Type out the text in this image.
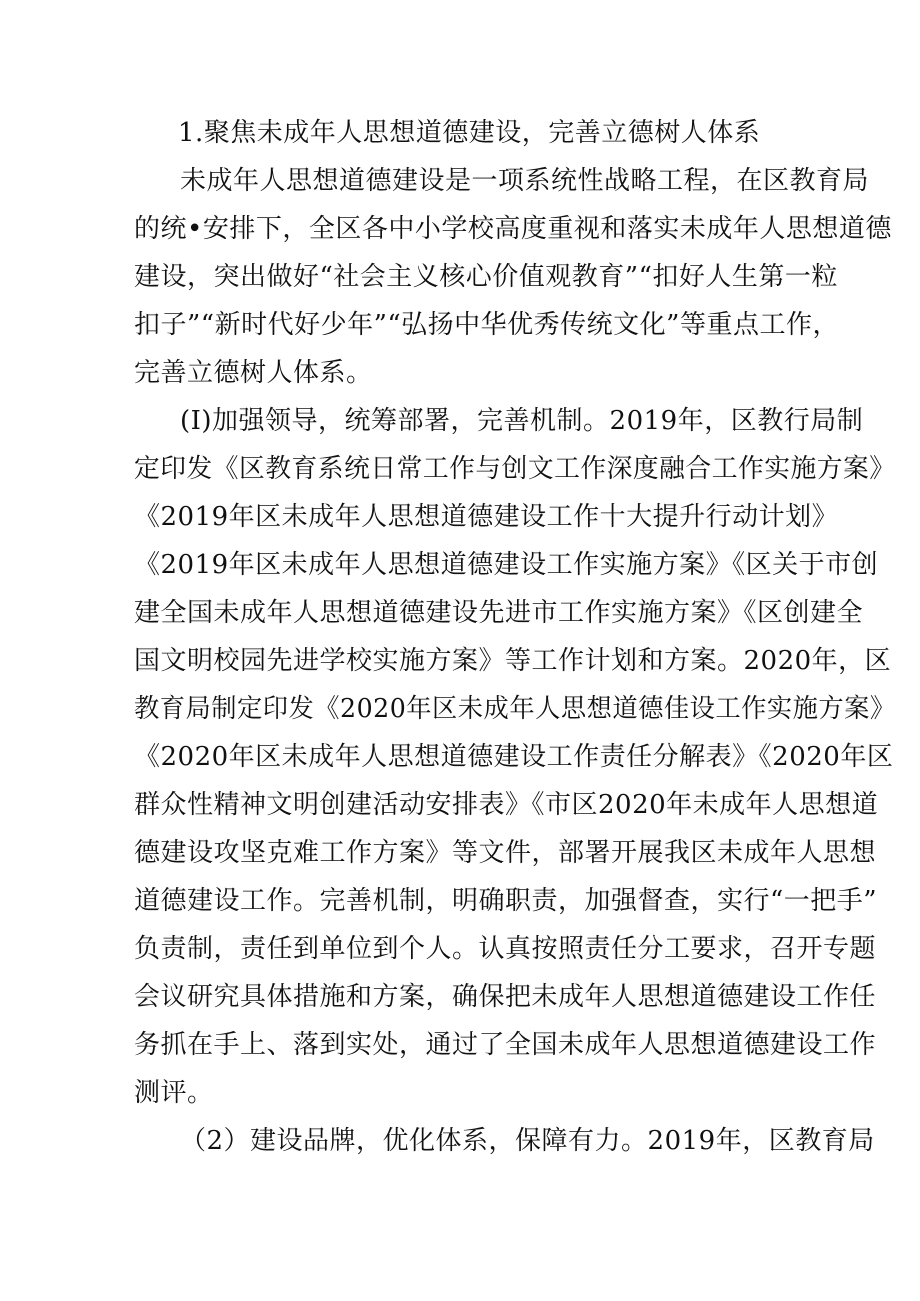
1.聚焦未成年人思想道德建设，完善立德树人体系
未成年人思想道德建设是一项系统性战略工程，在区教育局
的统•安排下，全区各中小学校高度重视和落实未成年人思想道德
建设，突出做好“社会主义核心价值观教育”“扣好人生第一粒
扣子”“新时代好少年”“弘扬中华优秀传统文化”等重点工作，
完善立德树人体系。
(I)加强领导，统筹部署，完善机制。2019年，区教行局制
定印发《区教育系统日常工作与创文工作深度融合工作实施方案》
《2019年区未成年人思想道德建设工作十大提升行动计划》
《2019年区未成年人思想道德建设工作实施方案》《区关于市创
建全国未成年人思想道德建设先进市工作实施方案》《区创建全
国文明校园先进学校实施方案》等工作计划和方案。2020年，区
教育局制定印发《2020年区未成年人思想道德佳设工作实施方案》
《2020年区未成年人思想道德建设工作责任分解表》《2020年区
群众性精神文明创建活动安排表》《市区2020年未成年人思想道
德建设攻坚克难工作方案》等文件，部署开展我区未成年人思想
道德建设工作。完善机制，明确职责，加强督查，实行“一把手”
负责制，责任到单位到个人。认真按照责任分工要求，召开专题
会议研究具体措施和方案，确保把未成年人思想道德建设工作任
务抓在手上、落到实处，通过了全国未成年人思想道德建设工作
测评。
（2）建设品牌，优化体系，保障有力。2019年，区教育局
